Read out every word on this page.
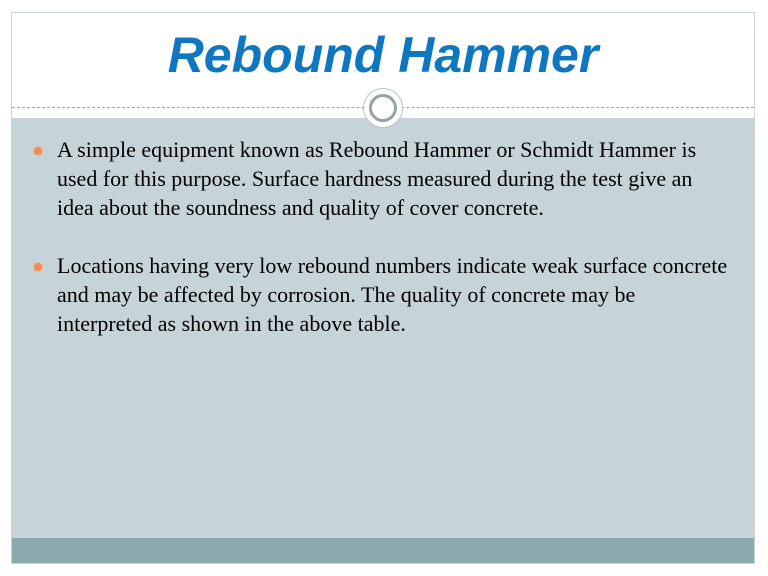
Rebound Hammer
A simple equipment known as Rebound Hammer or Schmidt Hammer is used for this purpose. Surface hardness measured during the test give an idea about the soundness and quality of cover concrete.
Locations having very low rebound numbers indicate weak surface concrete and may be affected by corrosion. The quality of concrete may be interpreted as shown in the above table.
